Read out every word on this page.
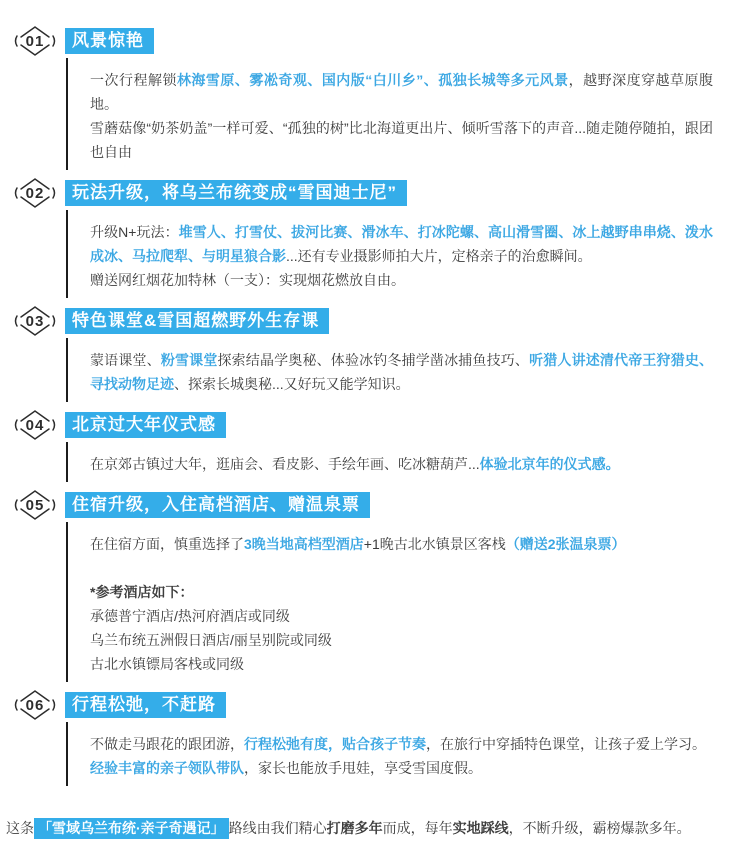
01	风景惊艳

一次行程解锁林海雪原、雾凇奇观、国内版“白川乡”、孤独长城等多元风景，越野深度穿越草原腹地。

雪蘑菇像“奶茶奶盖”一样可爱、“孤独的树”比北海道更出片、倾听雪落下的声音...随走随停随拍，跟团也自由

02	玩法升级，将乌兰布统变成“雪国迪士尼”

升级N+玩法：堆雪人、打雪仗、拔河比赛、滑冰车、打冰陀螺、高山滑雪圈、冰上越野串串烧、泼水成冰、马拉爬犁、与明星狼合影...还有专业摄影师拍大片，定格亲子的治愈瞬间。

赠送网红烟花加特林（一支）：实现烟花燃放自由。

03	特色课堂&雪国超燃野外生存课

蒙语课堂、粉雪课堂探索结晶学奥秘、体验冰钓冬捕学凿冰捕鱼技巧、听猎人讲述清代帝王狩猎史、寻找动物足迹、探索长城奥秘...又好玩又能学知识。

04	北京过大年仪式感

在京郊古镇过大年，逛庙会、看皮影、手绘年画、吃冰糖葫芦...体验北京年的仪式感。

05	住宿升级，入住高档酒店、赠温泉票

在住宿方面，慎重选择了3晚当地高档型酒店+1晚古北水镇景区客栈（赠送2张温泉票）

*参考酒店如下：

承德普宁酒店/热河府酒店或同级

乌兰布统五洲假日酒店/丽呈别院或同级

古北水镇镖局客栈或同级

06	行程松弛，不赶路

不做走马跟花的跟团游，行程松弛有度，贴合孩子节奏，在旅行中穿插特色课堂，让孩子爱上学习。

经验丰富的亲子领队带队，家长也能放手甩娃，享受雪国度假。

这条 「雪域乌兰布统·亲子奇遇记」 路线由我们精心打磨多年而成，每年实地踩线，不断升级，霸榜爆款多年。
